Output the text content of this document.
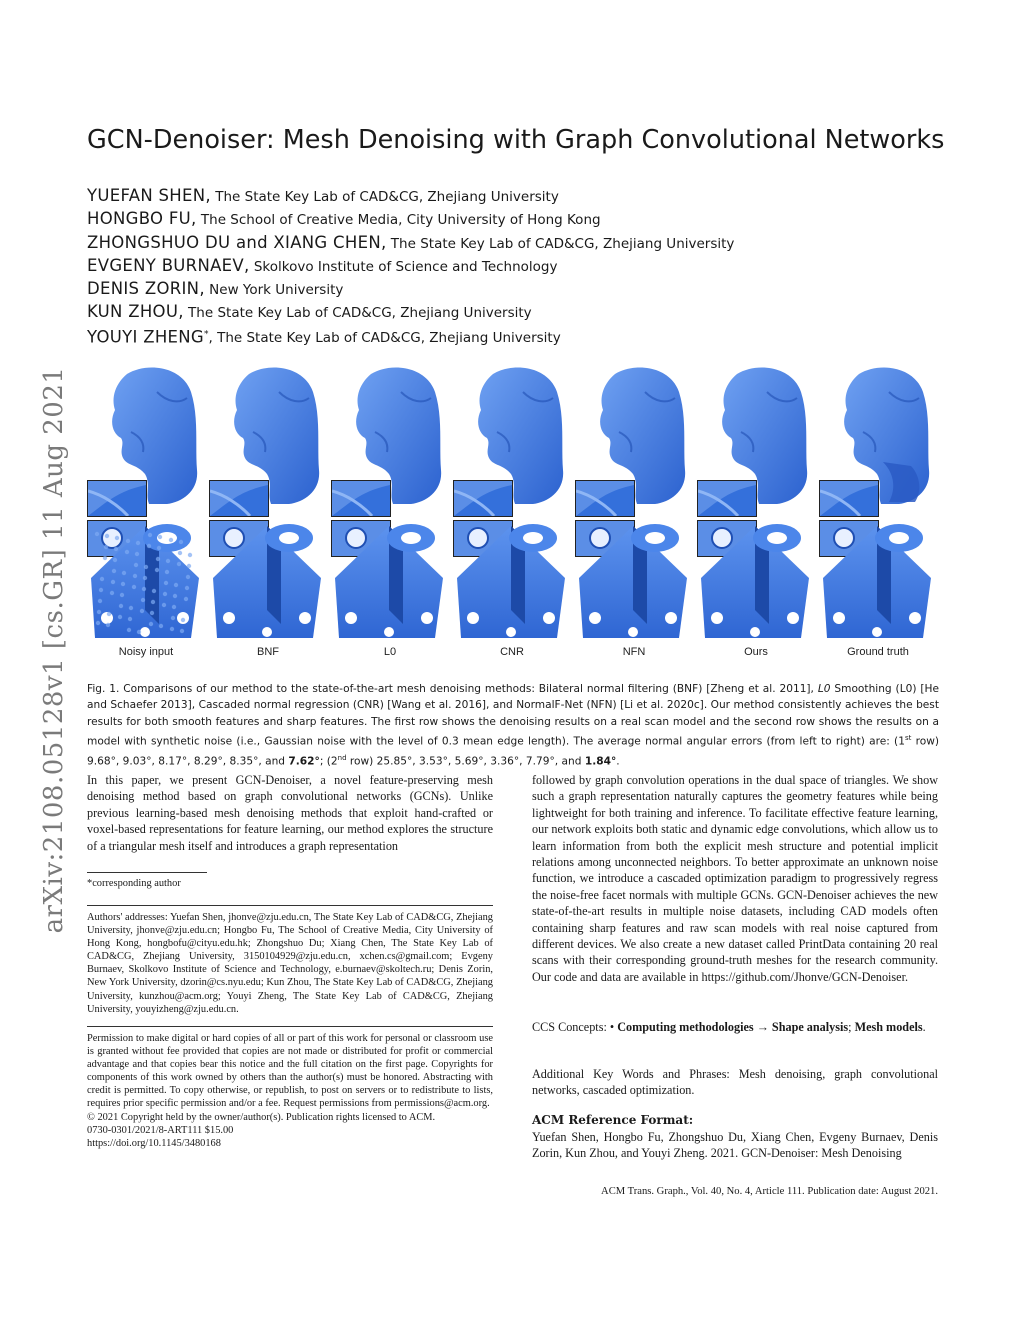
arXiv:2108.05128v1 [cs.GR] 11 Aug 2021
GCN-Denoiser: Mesh Denoising with Graph Convolutional Networks
YUEFAN SHEN, The State Key Lab of CAD&CG, Zhejiang University
HONGBO FU, The School of Creative Media, City University of Hong Kong
ZHONGSHUO DU and XIANG CHEN, The State Key Lab of CAD&CG, Zhejiang University
EVGENY BURNAEV, Skolkovo Institute of Science and Technology
DENIS ZORIN, New York University
KUN ZHOU, The State Key Lab of CAD&CG, Zhejiang University
YOUYI ZHENG*, The State Key Lab of CAD&CG, Zhejiang University
Noisy input	BNF	L0	CNR	NFN	Ours	Ground truth
Fig. 1. Comparisons of our method to the state-of-the-art mesh denoising methods: Bilateral normal filtering (BNF) [Zheng et al. 2011], L0 Smoothing (L0) [He and Schaefer 2013], Cascaded normal regression (CNR) [Wang et al. 2016], and NormalF-Net (NFN) [Li et al. 2020c]. Our method consistently achieves the best results for both smooth features and sharp features. The first row shows the denoising results on a real scan model and the second row shows the results on a model with synthetic noise (i.e., Gaussian noise with the level of 0.3 mean edge length). The average normal angular errors (from left to right) are: (1st row) 9.68°, 9.03°, 8.17°, 8.29°, 8.35°, and 7.62°; (2nd row) 25.85°, 3.53°, 5.69°, 3.36°, 7.79°, and 1.84°.

In this paper, we present GCN-Denoiser, a novel feature-preserving mesh denoising method based on graph convolutional networks (GCNs). Unlike previous learning-based mesh denoising methods that exploit hand-crafted or voxel-based representations for feature learning, our method explores the structure of a triangular mesh itself and introduces a graph representation

*corresponding author
Authors' addresses: Yuefan Shen, jhonve@zju.edu.cn, The State Key Lab of CAD&CG, Zhejiang University, jhonve@zju.edu.cn; Hongbo Fu, The School of Creative Media, City University of Hong Kong, hongbofu@cityu.edu.hk; Zhongshuo Du; Xiang Chen, The State Key Lab of CAD&CG, Zhejiang University, 3150104929@zju.edu.cn, xchen.cs@gmail.com; Evgeny Burnaev, Skolkovo Institute of Science and Technology, e.burnaev@skoltech.ru; Denis Zorin, New York University, dzorin@cs.nyu.edu; Kun Zhou, The State Key Lab of CAD&CG, Zhejiang University, kunzhou@acm.org; Youyi Zheng, The State Key Lab of CAD&CG, Zhejiang University, youyizheng@zju.edu.cn.
Permission to make digital or hard copies of all or part of this work for personal or classroom use is granted without fee provided that copies are not made or distributed for profit or commercial advantage and that copies bear this notice and the full citation on the first page. Copyrights for components of this work owned by others than the author(s) must be honored. Abstracting with credit is permitted. To copy otherwise, or republish, to post on servers or to redistribute to lists, requires prior specific permission and/or a fee. Request permissions from permissions@acm.org.
© 2021 Copyright held by the owner/author(s). Publication rights licensed to ACM.
0730-0301/2021/8-ART111 $15.00
https://doi.org/10.1145/3480168

followed by graph convolution operations in the dual space of triangles. We show such a graph representation naturally captures the geometry features while being lightweight for both training and inference. To facilitate effective feature learning, our network exploits both static and dynamic edge convolutions, which allow us to learn information from both the explicit mesh structure and potential implicit relations among unconnected neighbors. To better approximate an unknown noise function, we introduce a cascaded optimization paradigm to progressively regress the noise-free facet normals with multiple GCNs. GCN-Denoiser achieves the new state-of-the-art results in multiple noise datasets, including CAD models often containing sharp features and raw scan models with real noise captured from different devices. We also create a new dataset called PrintData containing 20 real scans with their corresponding ground-truth meshes for the research community. Our code and data are available in https://github.com/Jhonve/GCN-Denoiser.

CCS Concepts: • Computing methodologies → Shape analysis; Mesh models.
Additional Key Words and Phrases: Mesh denoising, graph convolutional networks, cascaded optimization.
ACM Reference Format:
Yuefan Shen, Hongbo Fu, Zhongshuo Du, Xiang Chen, Evgeny Burnaev, Denis Zorin, Kun Zhou, and Youyi Zheng. 2021. GCN-Denoiser: Mesh Denoising
ACM Trans. Graph., Vol. 40, No. 4, Article 111. Publication date: August 2021.
